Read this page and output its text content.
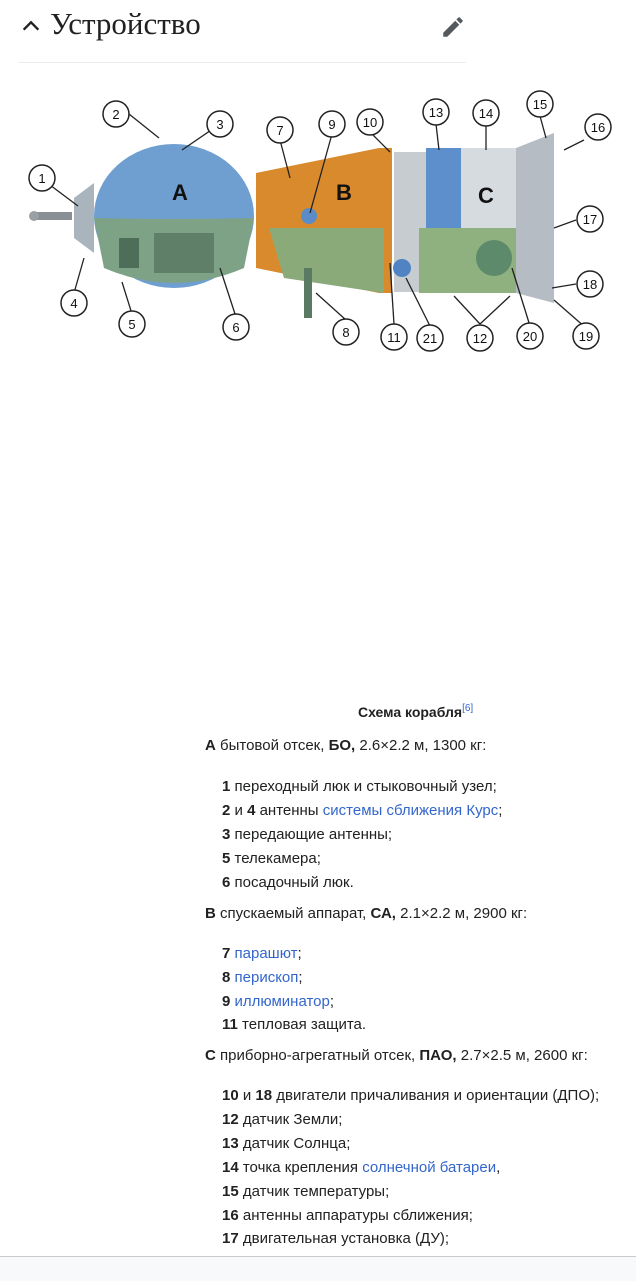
Устройство
A	B	C
1
2
3
4
5	6
7
8
9 10
11	12
13	14
15
16
17
18
19
20
21
Схема корабля[6]
A бытовой отсек, БО, 2.6×2.2 м, 1300 кг:
1 переходный люк и стыковочный узел;
2 и 4 антенны системы сближения Курс;
3 передающие антенны;
5 телекамера;
6 посадочный люк.
B спускаемый аппарат, СА, 2.1×2.2 м, 2900 кг:
7 парашют;
8 перископ;
9 иллюминатор;
11 тепловая защита.
C приборно-агрегатный отсек, ПАО, 2.7×2.5 м, 2600 кг:
10 и 18 двигатели причаливания и ориентации (ДПО);
12 датчик Земли;
13 датчик Солнца;
14 точка крепления солнечной батареи,
15 датчик температуры;
16 антенны аппаратуры сближения;
17 двигательная установка (ДУ);
